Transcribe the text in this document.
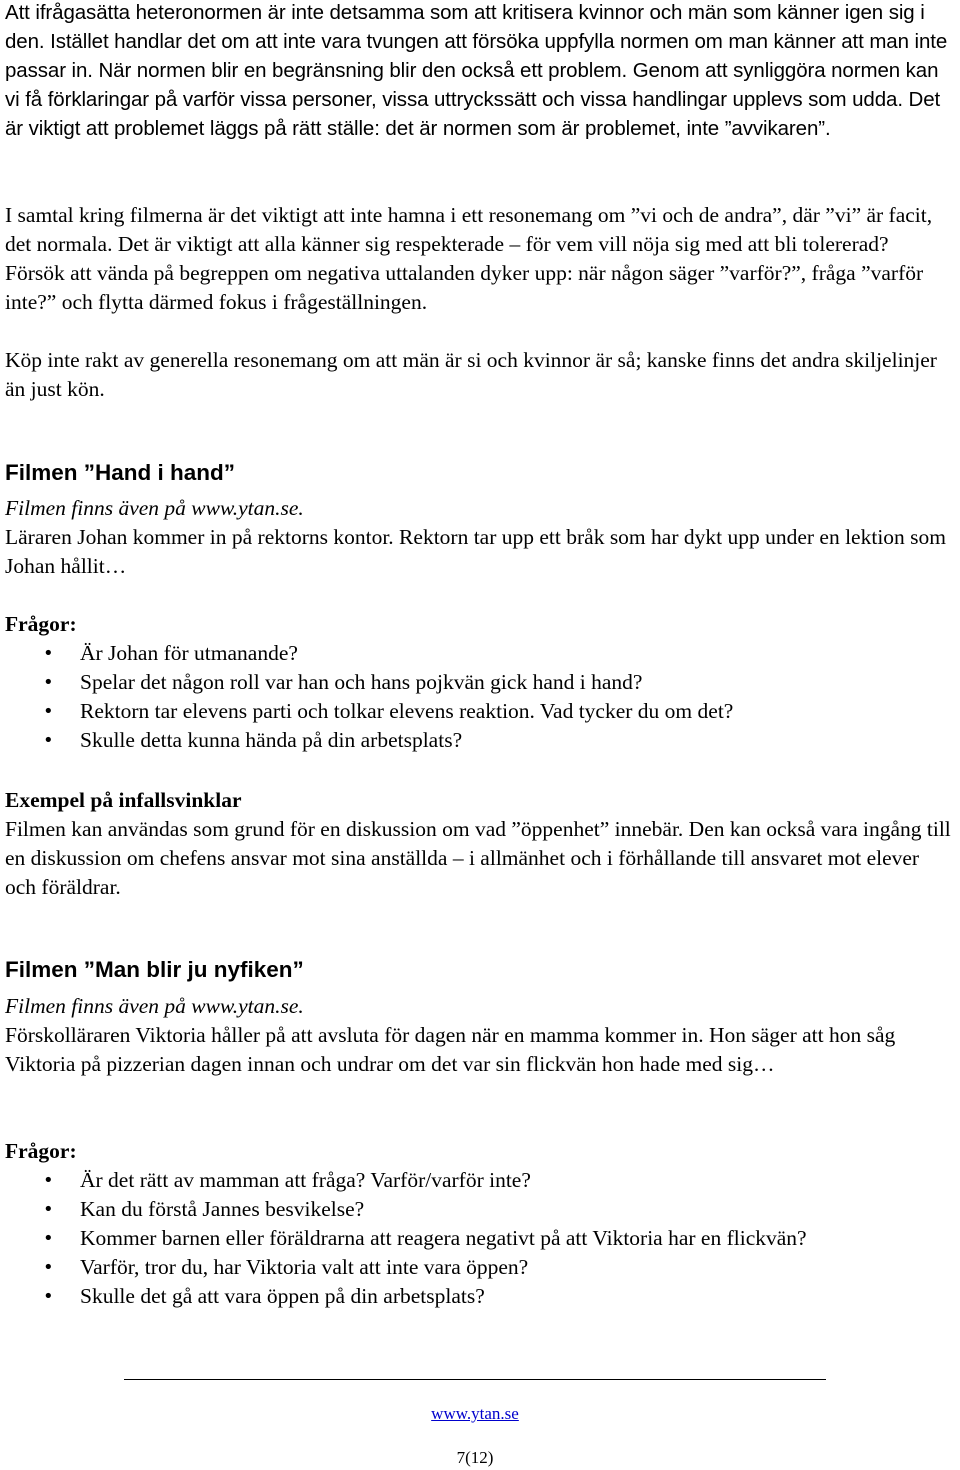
Att ifrågasätta heteronormen är inte detsamma som att kritisera kvinnor och män som känner igen sig i den. Istället handlar det om att inte vara tvungen att försöka uppfylla normen om man känner att man inte passar in. När normen blir en begränsning blir den också ett problem. Genom att synliggöra normen kan vi få förklaringar på varför vissa personer, vissa uttryckssätt och vissa handlingar upplevs som udda. Det är viktigt att problemet läggs på rätt ställe: det är normen som är problemet, inte ”avvikaren”.

I samtal kring filmerna är det viktigt att inte hamna i ett resonemang om ”vi och de andra”, där ”vi” är facit, det normala. Det är viktigt att alla känner sig respekterade – för vem vill nöja sig med att bli tolererad? Försök att vända på begreppen om negativa uttalanden dyker upp: när någon säger ”varför?”, fråga ”varför inte?” och flytta därmed fokus i frågeställningen.

Köp inte rakt av generella resonemang om att män är si och kvinnor är så; kanske finns det andra skiljelinjer än just kön.

Filmen ”Hand i hand”

Filmen finns även på www.ytan.se.

Läraren Johan kommer in på rektorns kontor. Rektorn tar upp ett bråk som har dykt upp under en lektion som Johan hållit…

Frågor:

• Är Johan för utmanande?
• Spelar det någon roll var han och hans pojkvän gick hand i hand?
• Rektorn tar elevens parti och tolkar elevens reaktion. Vad tycker du om det?
• Skulle detta kunna hända på din arbetsplats?

Exempel på infallsvinklar

Filmen kan användas som grund för en diskussion om vad ”öppenhet” innebär. Den kan också vara ingång till en diskussion om chefens ansvar mot sina anställda – i allmänhet och i förhållande till ansvaret mot elever och föräldrar.

Filmen ”Man blir ju nyfiken”

Filmen finns även på www.ytan.se.

Förskolläraren Viktoria håller på att avsluta för dagen när en mamma kommer in. Hon säger att hon såg Viktoria på pizzerian dagen innan och undrar om det var sin flickvän hon hade med sig…

Frågor:

• Är det rätt av mamman att fråga? Varför/varför inte?
• Kan du förstå Jannes besvikelse?
• Kommer barnen eller föräldrarna att reagera negativt på att Viktoria har en flickvän?
• Varför, tror du, har Viktoria valt att inte vara öppen?
• Skulle det gå att vara öppen på din arbetsplats?
www.ytan.se
7(12)
